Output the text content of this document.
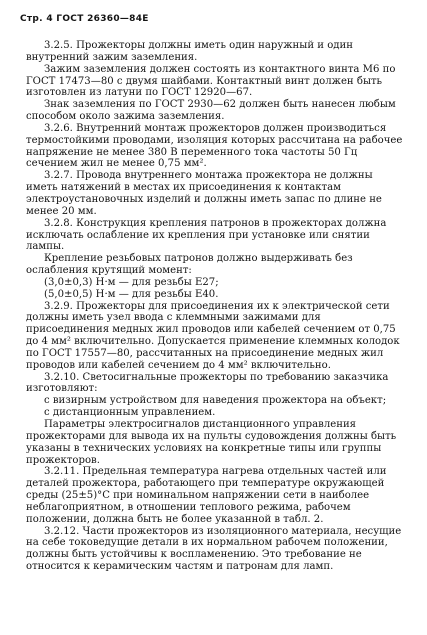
Стр. 4 ГОСТ 26360—84Е

3.2.5. Прожекторы должны иметь один наружный и один внутренний зажим заземления.

Зажим заземления должен состоять из контактного винта М6 по ГОСТ 17473—80 с двумя шайбами. Контактный винт должен быть изготовлен из латуни по ГОСТ 12920—67.

Знак заземления по ГОСТ 2930—62 должен быть нанесен любым способом около зажима заземления.

3.2.6. Внутренний монтаж прожекторов должен производиться термостойкими проводами, изоляция которых рассчитана на рабочее напряжение не менее 380 В переменного тока частоты 50 Гц сечением жил не менее 0,75 мм².

3.2.7. Провода внутреннего монтажа прожектора не должны иметь натяжений в местах их присоединения к контактам электроустановочных изделий и должны иметь запас по длине не менее 20 мм.

3.2.8. Конструкция крепления патронов в прожекторах должна исключать ослабление их крепления при установке или снятии лампы.

Крепление резьбовых патронов должно выдерживать без ослабления крутящий момент:

(3,0±0,3) Н·м — для резьбы Е27;

(5,0±0,5) Н·м — для резьбы Е40.

3.2.9. Прожекторы для присоединения их к электрической сети должны иметь узел ввода с клеммными зажимами для присоединения медных жил проводов или кабелей сечением от 0,75 до 4 мм² включительно. Допускается применение клеммных колодок по ГОСТ 17557—80, рассчитанных на присоединение медных жил проводов или кабелей сечением до 4 мм² включительно.

3.2.10. Светосигнальные прожекторы по требованию заказчика изготовляют:

с визирным устройством для наведения прожектора на объект;

с дистанционным управлением.

Параметры электросигналов дистанционного управления прожекторами для вывода их на пульты судовождения должны быть указаны в технических условиях на конкретные типы или группы прожекторов.

3.2.11. Предельная температура нагрева отдельных частей или деталей прожектора, работающего при температуре окружающей среды (25±5)°С при номинальном напряжении сети в наиболее неблагоприятном, в отношении теплового режима, рабочем положении, должна быть не более указанной в табл. 2.

3.2.12. Части прожекторов из изоляционного материала, несущие на себе токоведущие детали в их нормальном рабочем положении, должны быть устойчивы к воспламенению. Это требование не относится к керамическим частям и патронам для ламп.
